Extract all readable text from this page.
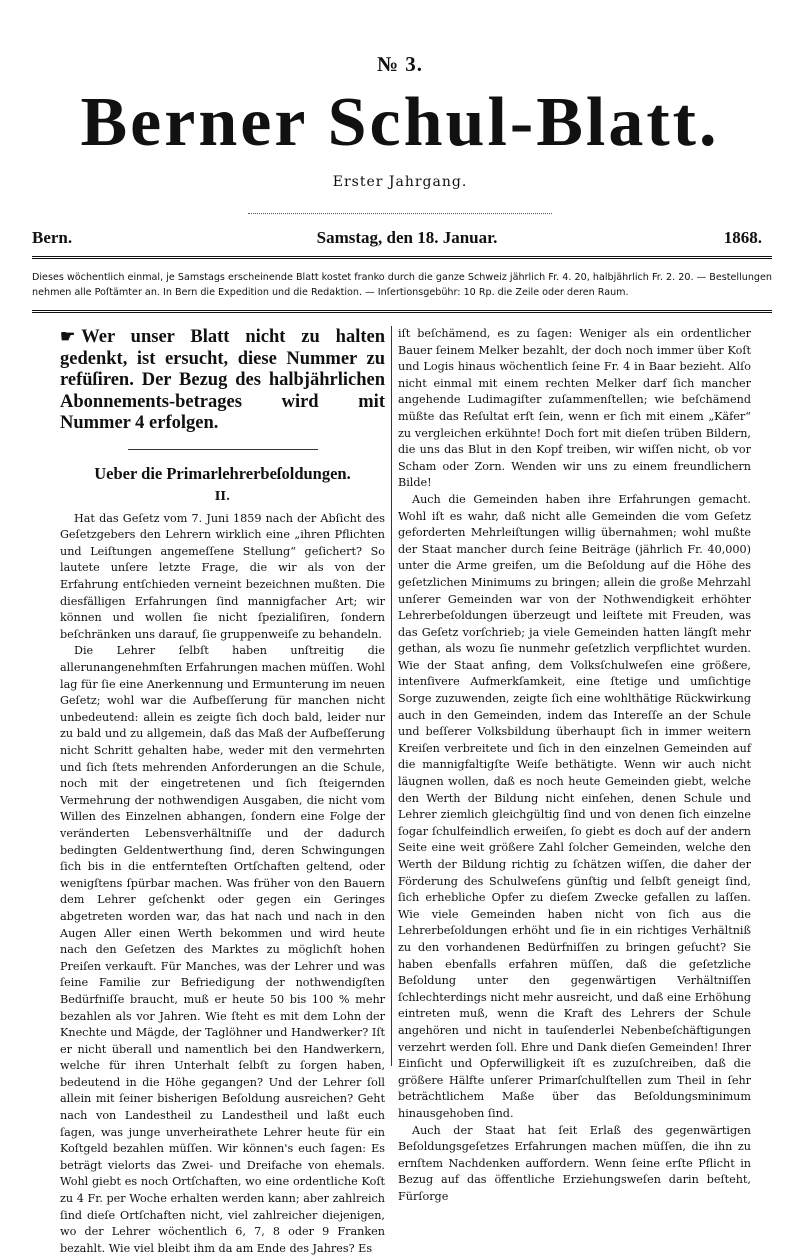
№ 3.
Berner Schul-Blatt.
Erster Jahrgang.
Bern.	Samstag, den 18. Januar.	1868.
Dieses wöchentlich einmal, je Samstags erscheinende Blatt kostet franko durch die ganze Schweiz jährlich Fr. 4. 20, halbjährlich Fr. 2. 20. — Bestellungen nehmen alle Poſtämter an. In Bern die Expedition und die Redaktion. — Inſertionsgebühr: 10 Rp. die Zeile oder deren Raum.
☛ Wer unser Blatt nicht zu halten gedenkt, ist ersucht, diese Nummer zu refüſiren. Der Bezug des halbjährlichen Abonnements-betrages wird mit Nummer 4 erfolgen.
Ueber die Primarlehrerbeſoldungen.
II.

Hat das Geſetz vom 7. Juni 1859 nach der Abſicht des Geſetzgebers den Lehrern wirklich eine „ihren Pflichten und Leiſtungen angemeſſene Stellung“ geſichert? So lautete unſere letzte Frage, die wir als von der Erfahrung entſchieden verneint bezeichnen mußten. Die diesfälligen Erfahrungen ſind mannigfacher Art; wir können und wollen ſie nicht ſpezialiſiren, ſondern beſchränken uns darauf, ſie gruppenweiſe zu behandeln.

Die Lehrer ſelbſt haben unſtreitig die allerunangenehmſten Erfahrungen machen müſſen. Wohl lag für ſie eine Anerkennung und Ermunterung im neuen Geſetz; wohl war die Aufbeſſerung für manchen nicht unbedeutend: allein es zeigte ſich doch bald, leider nur zu bald und zu allgemein, daß das Maß der Aufbeſſerung nicht Schritt gehalten habe, weder mit den vermehrten und ſich ſtets mehrenden Anforderungen an die Schule, noch mit der eingetretenen und ſich ſteigernden Vermehrung der nothwendigen Ausgaben, die nicht vom Willen des Einzelnen abhangen, ſondern eine Folge der veränderten Lebensverhältniſſe und der dadurch bedingten Geldentwerthung ſind, deren Schwingungen ſich bis in die entfernteſten Ortſchaften geltend, oder wenigſtens ſpürbar machen. Was früher von den Bauern dem Lehrer geſchenkt oder gegen ein Geringes abgetreten worden war, das hat nach und nach in den Augen Aller einen Werth bekommen und wird heute nach den Geſetzen des Marktes zu möglichſt hohen Preiſen verkauft. Für Manches, was der Lehrer und was ſeine Familie zur Befriedigung der nothwendigſten Bedürfniſſe braucht, muß er heute 50 bis 100 % mehr bezahlen als vor Jahren. Wie ſteht es mit dem Lohn der Knechte und Mägde, der Taglöhner und Handwerker? Iſt er nicht überall und namentlich bei den Handwerkern, welche für ihren Unterhalt ſelbſt zu ſorgen haben, bedeutend in die Höhe gegangen? Und der Lehrer ſoll allein mit ſeiner bisherigen Beſoldung ausreichen? Geht nach von Landestheil zu Landestheil und laßt euch ſagen, was junge unverheirathete Lehrer heute für ein Koſtgeld bezahlen müſſen. Wir können's euch ſagen: Es beträgt vielorts das Zwei- und Dreifache von ehemals. Wohl giebt es noch Ortſchaften, wo eine ordentliche Koſt zu 4 Fr. per Woche erhalten werden kann; aber zahlreich ſind dieſe Ortſchaften nicht, viel zahlreicher diejenigen, wo der Lehrer wöchentlich 6, 7, 8 oder 9 Franken bezahlt. Wie viel bleibt ihm da am Ende des Jahres? Es

iſt beſchämend, es zu ſagen: Weniger als ein ordentlicher Bauer ſeinem Melker bezahlt, der doch noch immer über Koſt und Logis hinaus wöchentlich ſeine Fr. 4 in Baar bezieht. Alſo nicht einmal mit einem rechten Melker darf ſich mancher angehende Ludimagiſter zuſammenſtellen; wie beſchämend müßte das Reſultat erſt ſein, wenn er ſich mit einem „Käfer“ zu vergleichen erkühnte! Doch fort mit dieſen trüben Bildern, die uns das Blut in den Kopf treiben, wir wiſſen nicht, ob vor Scham oder Zorn. Wenden wir uns zu einem freundlichern Bilde!

Auch die Gemeinden haben ihre Erfahrungen gemacht. Wohl iſt es wahr, daß nicht alle Gemeinden die vom Geſetz geforderten Mehrleiſtungen willig übernahmen; wohl mußte der Staat mancher durch ſeine Beiträge (jährlich Fr. 40,000) unter die Arme greifen, um die Beſoldung auf die Höhe des geſetzlichen Minimums zu bringen; allein die große Mehrzahl unſerer Gemeinden war von der Nothwendigkeit erhöhter Lehrerbeſoldungen überzeugt und leiſtete mit Freuden, was das Geſetz vorſchrieb; ja viele Gemeinden hatten längſt mehr gethan, als wozu ſie nunmehr geſetzlich verpflichtet wurden. Wie der Staat anfing, dem Volksſchulweſen eine größere, intenſivere Aufmerkſamkeit, eine ſtetige und umſichtige Sorge zuzuwenden, zeigte ſich eine wohlthätige Rückwirkung auch in den Gemeinden, indem das Intereſſe an der Schule und beſſerer Volksbildung überhaupt ſich in immer weitern Kreiſen verbreitete und ſich in den einzelnen Gemeinden auf die mannigfaltigſte Weiſe bethätigte. Wenn wir auch nicht läugnen wollen, daß es noch heute Gemeinden giebt, welche den Werth der Bildung nicht einſehen, denen Schule und Lehrer ziemlich gleichgültig ſind und von denen ſich einzelne ſogar ſchulfeindlich erweiſen, ſo giebt es doch auf der andern Seite eine weit größere Zahl ſolcher Gemeinden, welche den Werth der Bildung richtig zu ſchätzen wiſſen, die daher der Förderung des Schulweſens günſtig und ſelbſt geneigt ſind, ſich erhebliche Opfer zu dieſem Zwecke gefallen zu laſſen. Wie viele Gemeinden haben nicht von ſich aus die Lehrerbeſoldungen erhöht und ſie in ein richtiges Verhältniß zu den vorhandenen Bedürfniſſen zu bringen geſucht? Sie haben ebenfalls erfahren müſſen, daß die geſetzliche Beſoldung unter den gegenwärtigen Verhältniſſen ſchlechterdings nicht mehr ausreicht, und daß eine Erhöhung eintreten muß, wenn die Kraft des Lehrers der Schule angehören und nicht in tauſenderlei Nebenbeſchäftigungen verzehrt werden ſoll. Ehre und Dank dieſen Gemeinden! Ihrer Einſicht und Opferwilligkeit iſt es zuzuſchreiben, daß die größere Hälfte unſerer Primarſchulſtellen zum Theil in ſehr beträchtlichem Maße über das Beſoldungsminimum hinausgehoben ſind.

Auch der Staat hat ſeit Erlaß des gegenwärtigen Beſoldungsgeſetzes Erfahrungen machen müſſen, die ihn zu ernſtem Nachdenken auffordern. Wenn ſeine erſte Pflicht in Bezug auf das öffentliche Erziehungsweſen darin beſteht, Fürſorge
